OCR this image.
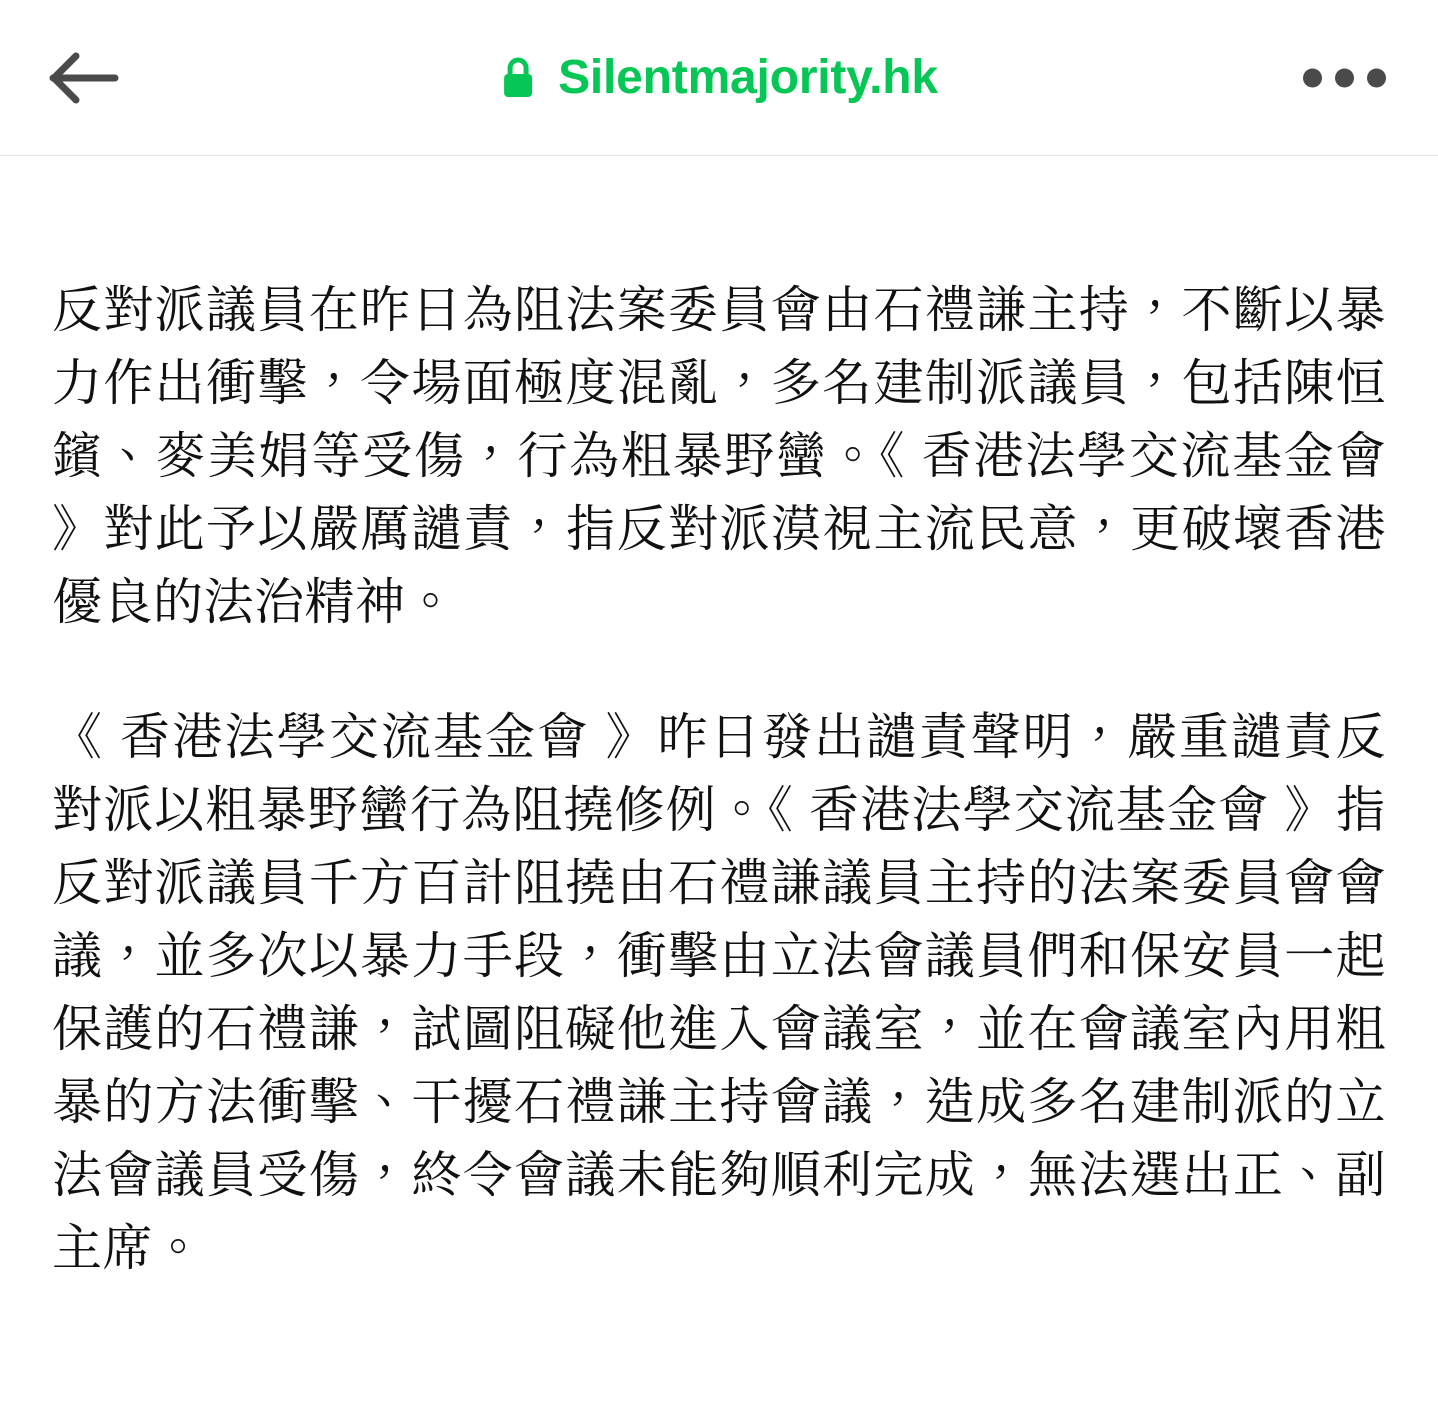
Silentmajority.hk

反對派議員在昨日為阻法案委員會由石禮謙主持，不斷以暴力作出衝擊，令場面極度混亂，多名建制派議員，包括陳恒鑌、麥美娟等受傷，行為粗暴野蠻。《 香港法學交流基金會 》對此予以嚴厲譴責，指反對派漠視主流民意，更破壞香港優良的法治精神。

《 香港法學交流基金會 》昨日發出譴責聲明，嚴重譴責反對派以粗暴野蠻行為阻撓修例。《 香港法學交流基金會 》指反對派議員千方百計阻撓由石禮謙議員主持的法案委員會會議，並多次以暴力手段，衝擊由立法會議員們和保安員一起保護的石禮謙，試圖阻礙他進入會議室，並在會議室內用粗暴的方法衝擊、干擾石禮謙主持會議，造成多名建制派的立法會議員受傷，終令會議未能夠順利完成，無法選出正、副主席。
